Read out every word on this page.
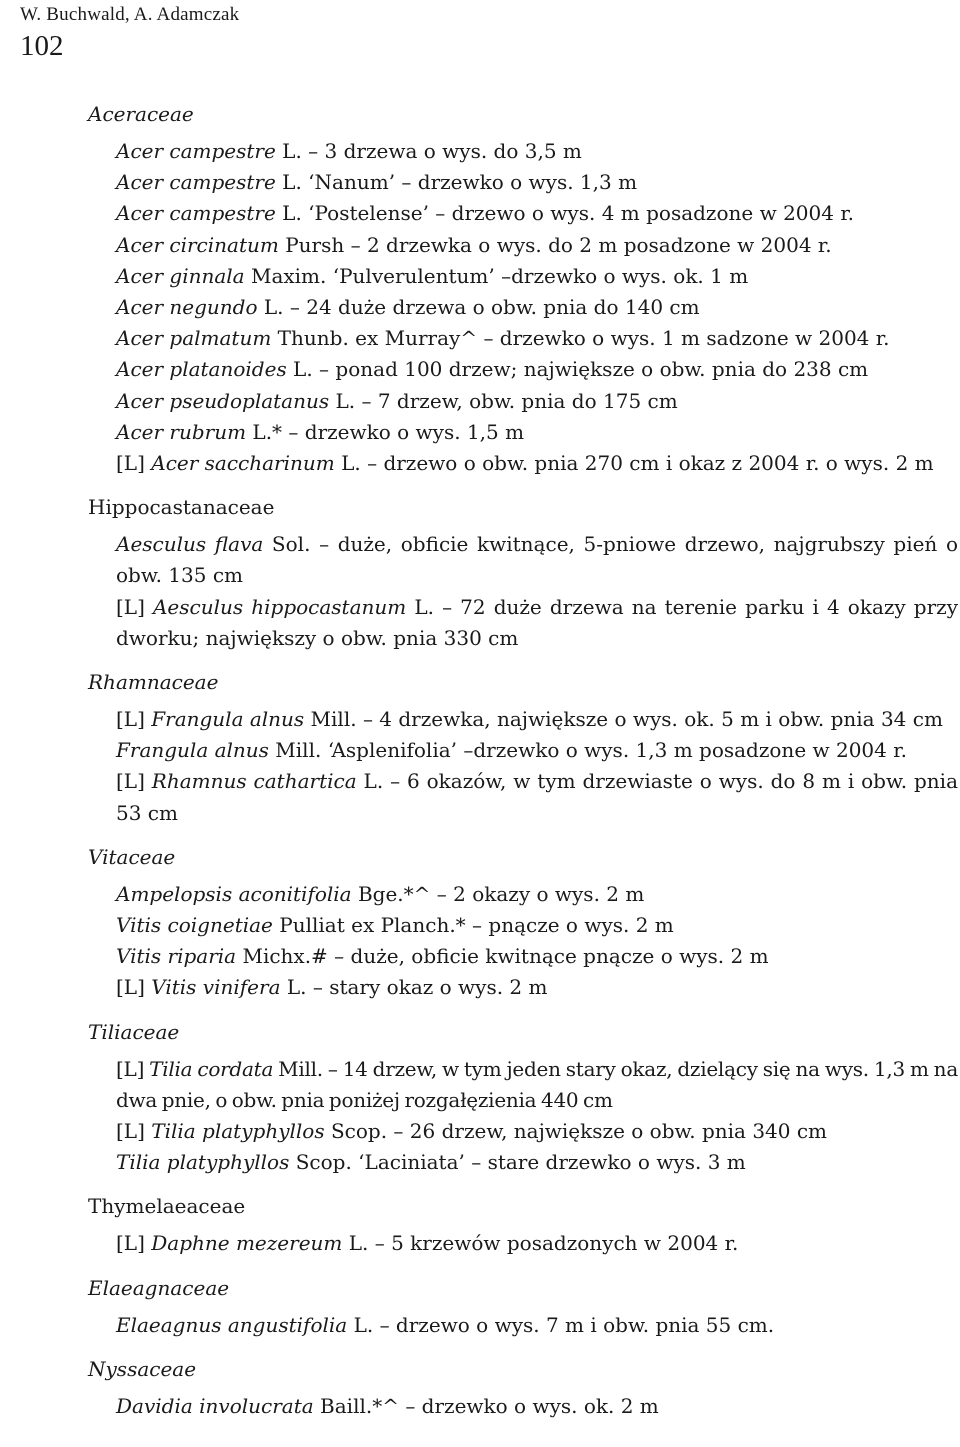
W. Buchwald, A. Adamczak
102
Aceraceae
Acer campestre L. – 3 drzewa o wys. do 3,5 m
Acer campestre L. ‘Nanum’ – drzewko o wys. 1,3 m
Acer campestre L. ‘Postelense’ – drzewo o wys. 4 m posadzone w 2004 r.
Acer circinatum Pursh – 2 drzewka o wys. do 2 m posadzone w 2004 r.
Acer ginnala Maxim. ‘Pulverulentum’ –drzewko o wys. ok. 1 m
Acer negundo L. – 24 duże drzewa o obw. pnia do 140 cm
Acer palmatum Thunb. ex Murray^ – drzewko o wys. 1 m sadzone w 2004 r.
Acer platanoides L. – ponad 100 drzew; największe o obw. pnia do 238 cm
Acer pseudoplatanus L. – 7 drzew, obw. pnia do 175 cm
Acer rubrum L.* – drzewko o wys. 1,5 m
[L] Acer saccharinum L. – drzewo o obw. pnia 270 cm i okaz z 2004 r. o wys. 2 m
Hippocastanaceae
Aesculus flava Sol. – duże, obficie kwitnące, 5-pniowe drzewo, najgrubszy pień o obw. 135 cm
[L] Aesculus hippocastanum L. – 72 duże drzewa na terenie parku i 4 okazy przy dworku; największy o obw. pnia 330 cm
Rhamnaceae
[L] Frangula alnus Mill. – 4 drzewka, największe o wys. ok. 5 m i obw. pnia 34 cm
Frangula alnus Mill. ‘Asplenifolia’ –drzewko o wys. 1,3 m posadzone w 2004 r.
[L] Rhamnus cathartica L. – 6 okazów, w tym drzewiaste o wys. do 8 m i obw. pnia 53 cm
Vitaceae
Ampelopsis aconitifolia Bge.*^ – 2 okazy o wys. 2 m
Vitis coignetiae Pulliat ex Planch.* – pnącze o wys. 2 m
Vitis riparia Michx.# – duże, obficie kwitnące pnącze o wys. 2 m
[L] Vitis vinifera L. – stary okaz o wys. 2 m
Tiliaceae
[L] Tilia cordata Mill. – 14 drzew, w tym jeden stary okaz, dzielący się na wys. 1,3 m na dwa pnie, o obw. pnia poniżej rozgałęzienia 440 cm
[L] Tilia platyphyllos Scop. – 26 drzew, największe o obw. pnia 340 cm
Tilia platyphyllos Scop. ‘Laciniata’ – stare drzewko o wys. 3 m
Thymelaeaceae
[L] Daphne mezereum L. – 5 krzewów posadzonych w 2004 r.
Elaeagnaceae
Elaeagnus angustifolia L. – drzewo o wys. 7 m i obw. pnia 55 cm.
Nyssaceae
Davidia involucrata Baill.*^ – drzewko o wys. ok. 2 m
